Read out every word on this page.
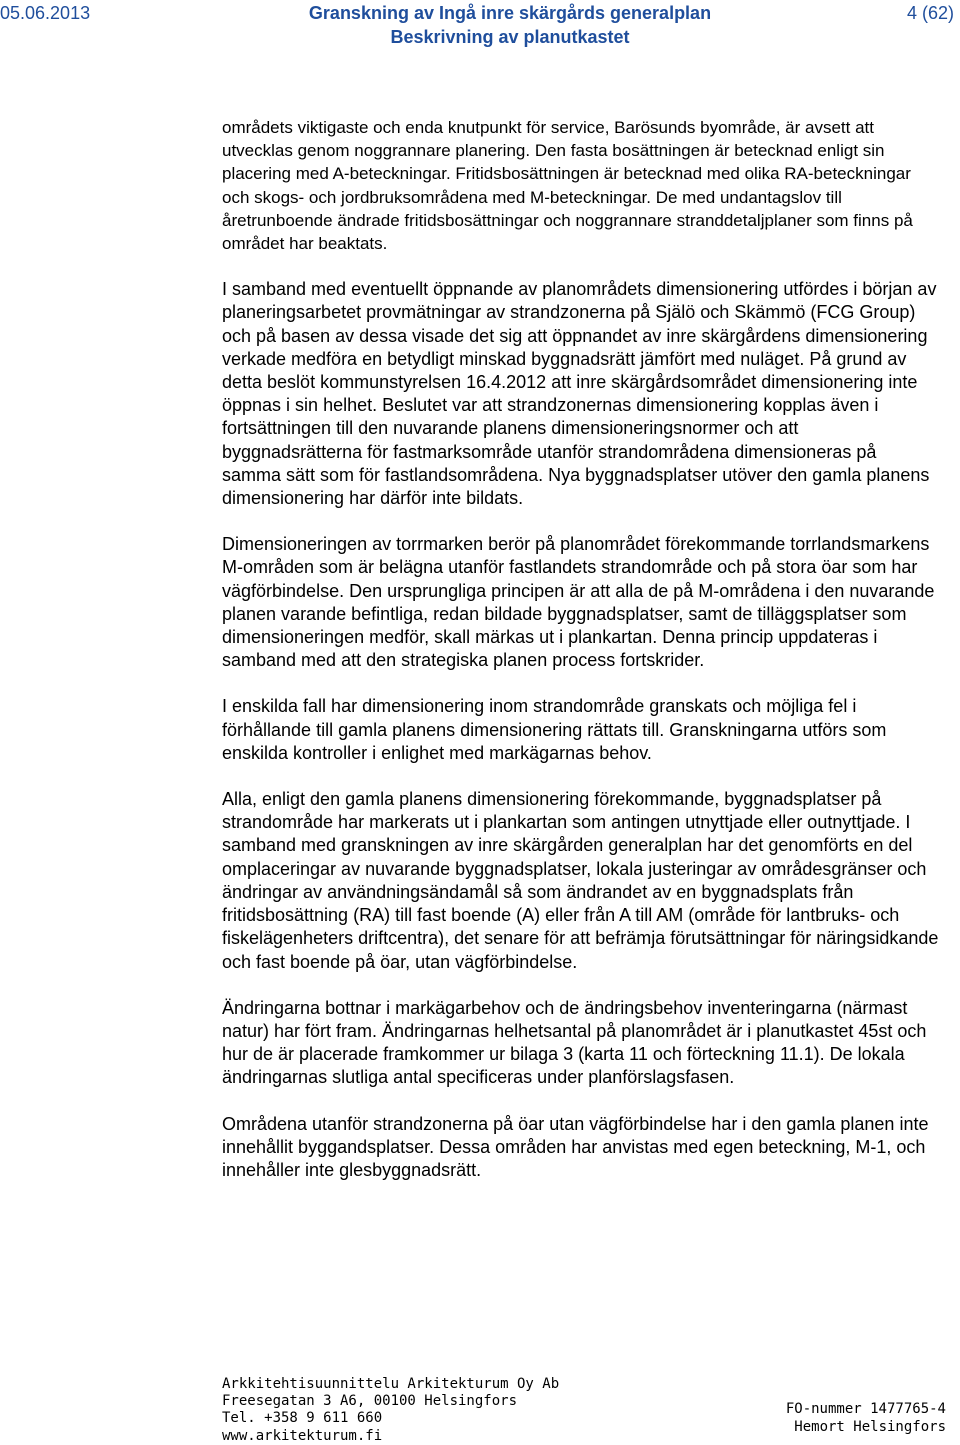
05.06.2013	Granskning av Ingå inre skärgårds generalplan
Beskrivning av planutkastet
4 (62)

områdets viktigaste och enda knutpunkt för service, Barösunds byområde, är avsett att utvecklas genom noggrannare planering. Den fasta bosättningen är betecknad enligt sin placering med A-beteckningar. Fritidsbosättningen är betecknad med olika RA-beteckningar och skogs- och jordbruksområdena med M-beteckningar. De med undantagslov till åretrunboende ändrade fritidsbosättningar och noggrannare stranddetaljplaner som finns på området har beaktats.

I samband med eventuellt öppnande av planområdets dimensionering utfördes i början av planeringsarbetet provmätningar av strandzonerna på Själö och Skämmö (FCG Group) och på basen av dessa visade det sig att öppnandet av inre skärgårdens dimensionering verkade medföra en betydligt minskad byggnadsrätt jämfört med nuläget. På grund av detta beslöt kommunstyrelsen 16.4.2012 att inre skärgårdsområdet dimensionering inte öppnas i sin helhet. Beslutet var att strandzonernas dimensionering kopplas även i fortsättningen till den nuvarande planens dimensioneringsnormer och att byggnadsrätterna för fastmarksområde utanför strandområdena dimensioneras på samma sätt som för fastlandsområdena. Nya byggnadsplatser utöver den gamla planens dimensionering har därför inte bildats.

Dimensioneringen av torrmarken berör på planområdet förekommande torrlandsmarkens M-områden som är belägna utanför fastlandets strandområde och på stora öar som har vägförbindelse. Den ursprungliga principen är att alla de på M-områdena i den nuvarande planen varande befintliga, redan bildade byggnadsplatser, samt de tilläggsplatser som dimensioneringen medför, skall märkas ut i plankartan. Denna princip uppdateras i samband med att den strategiska planen process fortskrider.

I enskilda fall har dimensionering inom strandområde granskats och möjliga fel i förhållande till gamla planens dimensionering rättats till. Granskningarna utförs som enskilda kontroller i enlighet med markägarnas behov.

Alla, enligt den gamla planens dimensionering förekommande, byggnadsplatser på strandområde har markerats ut i plankartan som antingen utnyttjade eller outnyttjade. I samband med granskningen av inre skärgården generalplan har det genomförts en del omplaceringar av nuvarande byggnadsplatser, lokala justeringar av områdesgränser och ändringar av användningsändamål så som ändrandet av en byggnadsplats från fritidsbosättning (RA) till fast boende (A) eller från A till AM (område för lantbruks- och fiskelägenheters driftcentra), det senare för att befrämja förutsättningar för näringsidkande och fast boende på öar, utan vägförbindelse.

Ändringarna bottnar i markägarbehov och de ändringsbehov inventeringarna (närmast natur) har fört fram. Ändringarnas helhetsantal på planområdet är i planutkastet 45st och hur de är placerade framkommer ur bilaga 3 (karta 11 och förteckning 11.1). De lokala ändringarnas slutliga antal specificeras under planförslagsfasen.

Områdena utanför strandzonerna på öar utan vägförbindelse har i den gamla planen inte innehållit byggandsplatser. Dessa områden har anvistas med egen beteckning, M-1, och innehåller inte glesbyggnadsrätt.

Arkkitehtisuunnittelu Arkitekturum Oy Ab
Freesegatan 3 A6, 00100 Helsingfors
Tel. +358 9 611 660
www.arkitekturum.fi
FO-nummer 1477765-4
Hemort Helsingfors
